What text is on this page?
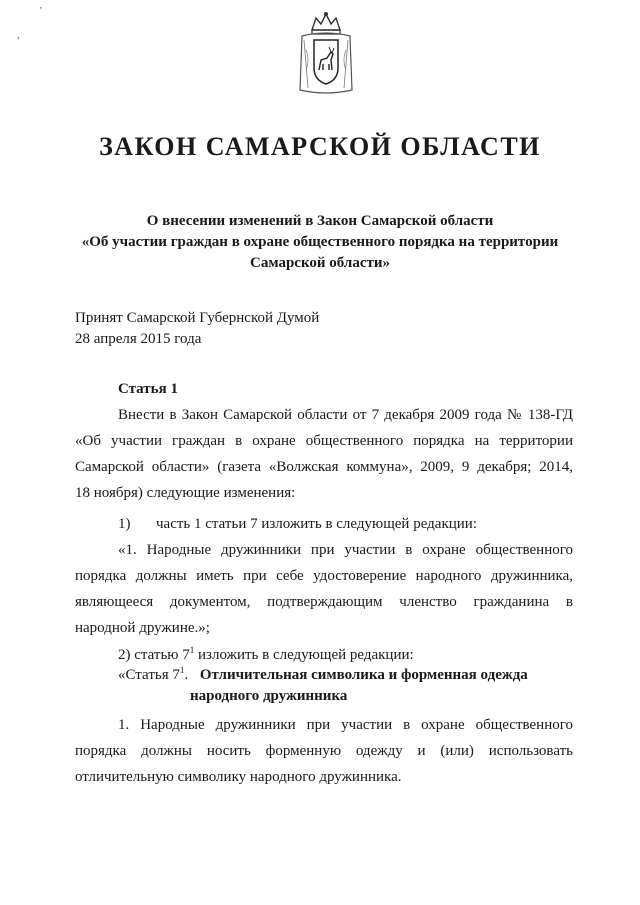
'
,
ЗАКОН САМАРСКОЙ ОБЛАСТИ
О внесении изменений в Закон Самарской области
«Об участии граждан в охране общественного порядка на территории
Самарской области»
Принят Самарской Губернской Думой
28 апреля 2015 года
Статья 1
Внести в Закон Самарской области от 7 декабря 2009 года № 138-ГД
«Об участии граждан в охране общественного порядка на территории
Самарской области» (газета «Волжская коммуна», 2009, 9 декабря; 2014,
18 ноября) следующие изменения:
1) часть 1 статьи 7 изложить в следующей редакции:
«1. Народные дружинники при участии в охране общественного
порядка должны иметь при себе удостоверение народного дружинника,
являющееся документом, подтверждающим членство гражданина в
народной дружине.»;
2) статью $7^1$ изложить в следующей редакции:
«Статья $7^1$. Отличительная символика и форменная одежда
народного дружинника
1. Народные дружинники при участии в охране общественного
порядка должны носить форменную одежду и (или) использовать
отличительную символику народного дружинника.
